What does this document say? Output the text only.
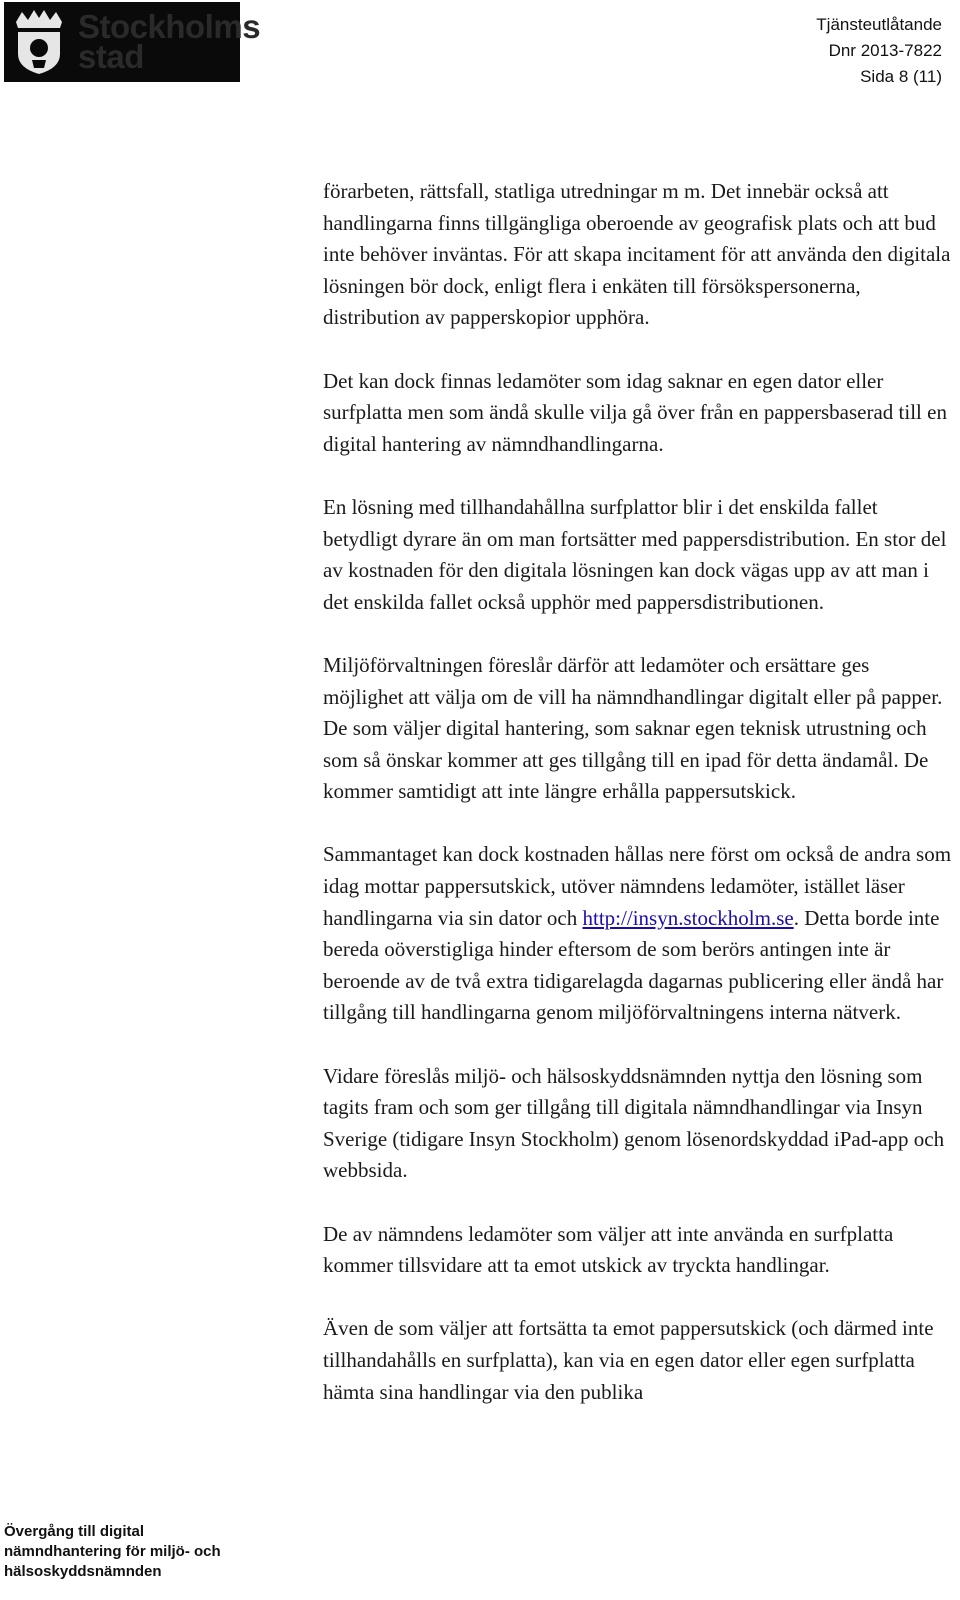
Stockholms
stad
Tjänsteutlåtande
Dnr 2013-7822
Sida 8 (11)

förarbeten, rättsfall, statliga utredningar m m. Det innebär också att handlingarna finns tillgängliga oberoende av geografisk plats och att bud inte behöver inväntas. För att skapa incitament för att använda den digitala lösningen bör dock, enligt flera i enkäten till försökspersonerna, distribution av papperskopior upphöra.

Det kan dock finnas ledamöter som idag saknar en egen dator eller surfplatta men som ändå skulle vilja gå över från en pappersbaserad till en digital hantering av nämndhandlingarna.

En lösning med tillhandahållna surfplattor blir i det enskilda fallet betydligt dyrare än om man fortsätter med pappersdistribution. En stor del av kostnaden för den digitala lösningen kan dock vägas upp av att man i det enskilda fallet också upphör med pappersdistributionen.

Miljöförvaltningen föreslår därför att ledamöter och ersättare ges möjlighet att välja om de vill ha nämndhandlingar digitalt eller på papper. De som väljer digital hantering, som saknar egen teknisk utrustning och som så önskar kommer att ges tillgång till en ipad för detta ändamål. De kommer samtidigt att inte längre erhålla pappersutskick.

Sammantaget kan dock kostnaden hållas nere först om också de andra som idag mottar pappersutskick, utöver nämndens ledamöter, istället läser handlingarna via sin dator och http://insyn.stockholm.se. Detta borde inte bereda oöverstigliga hinder eftersom de som berörs antingen inte är beroende av de två extra tidigarelagda dagarnas publicering eller ändå har tillgång till handlingarna genom miljöförvaltningens interna nätverk.

Vidare föreslås miljö- och hälsoskyddsnämnden nyttja den lösning som tagits fram och som ger tillgång till digitala nämndhandlingar via Insyn Sverige (tidigare Insyn Stockholm) genom lösenordskyddad iPad-app och webbsida.

De av nämndens ledamöter som väljer att inte använda en surfplatta kommer tillsvidare att ta emot utskick av tryckta handlingar.

Även de som väljer att fortsätta ta emot pappersutskick (och därmed inte tillhandahålls en surfplatta), kan via en egen dator eller egen surfplatta hämta sina handlingar via den publika

Övergång till digital
nämndhantering för miljö- och
hälsoskyddsnämnden
